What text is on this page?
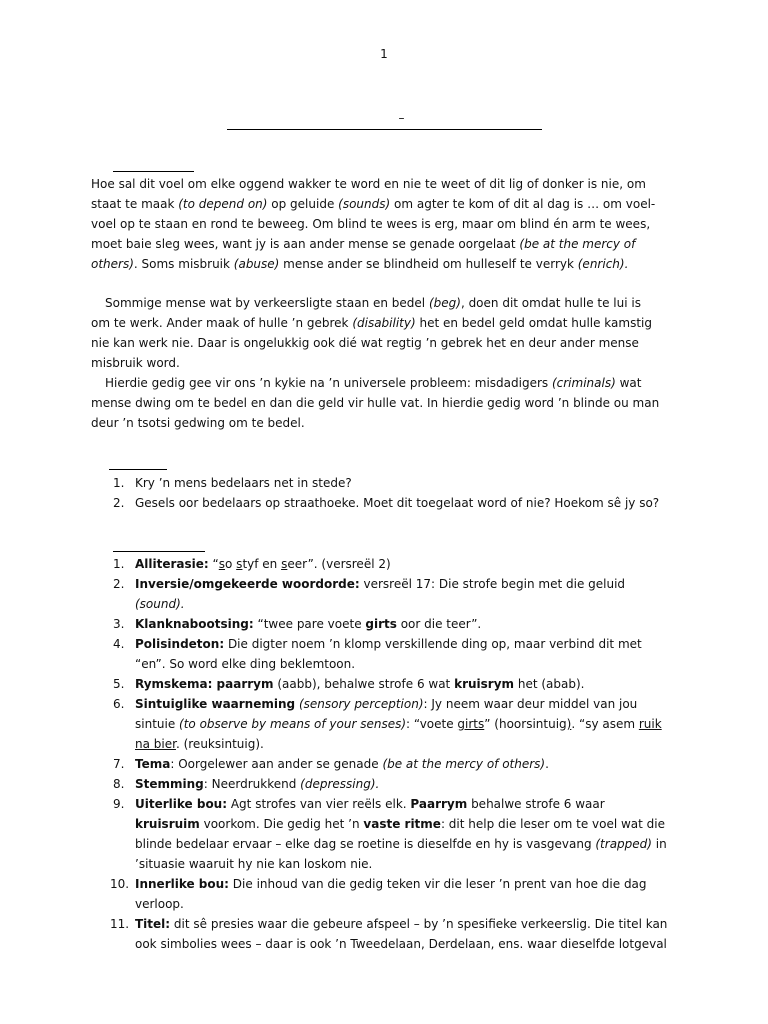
1
–

Hoe sal dit voel om elke oggend wakker te word en nie te weet of dit lig of donker is nie, om staat te maak (to depend on) op geluide (sounds) om agter te kom of dit al dag is … om voel-voel op te staan en rond te beweeg. Om blind te wees is erg, maar om blind én arm te wees, moet baie sleg wees, want jy is aan ander mense se genade oorgelaat (be at the mercy of others). Soms misbruik (abuse) mense ander se blindheid om hulleself te verryk (enrich).

Sommige mense wat by verkeersligte staan en bedel (beg), doen dit omdat hulle te lui is om te werk. Ander maak of hulle ’n gebrek (disability) het en bedel geld omdat hulle kamstig nie kan werk nie. Daar is ongelukkig ook dié wat regtig ’n gebrek het en deur ander mense misbruik word.

Hierdie gedig gee vir ons ’n kykie na ’n universele probleem: misdadigers (criminals) wat mense dwing om te bedel en dan die geld vir hulle vat. In hierdie gedig word ’n blinde ou man deur ’n tsotsi gedwing om te bedel.

1. Kry ’n mens bedelaars net in stede?
2. Gesels oor bedelaars op straathoeke. Moet dit toegelaat word of nie? Hoekom sê jy so?
1. Alliterasie: “so styf en seer”. (versreël 2)
2. Inversie/omgekeerde woordorde: versreël 17: Die strofe begin met die geluid (sound).
3. Klanknabootsing: “twee pare voete girts oor die teer”.
4. Polisindeton: Die digter noem ’n klomp verskillende ding op, maar verbind dit met “en”. So word elke ding beklemtoon.
5. Rymskema: paarrym (aabb), behalwe strofe 6 wat kruisrym het (abab).
6. Sintuiglike waarneming (sensory perception): Jy neem waar deur middel van jou sintuie (to observe by means of your senses): “voete girts” (hoorsintuig). “sy asem ruik na bier. (reuksintuig).
7. Tema: Oorgelewer aan ander se genade (be at the mercy of others).
8. Stemming: Neerdrukkend (depressing).
9. Uiterlike bou: Agt strofes van vier reëls elk. Paarrym behalwe strofe 6 waar kruisruim voorkom. Die gedig het ’n vaste ritme: dit help die leser om te voel wat die blinde bedelaar ervaar – elke dag se roetine is dieselfde en hy is vasgevang (trapped) in ’situasie waaruit hy nie kan loskom nie.
10. Innerlike bou: Die inhoud van die gedig teken vir die leser ’n prent van hoe die dag verloop.
11. Titel: dit sê presies waar die gebeure afspeel – by ’n spesifieke verkeerslig. Die titel kan ook simbolies wees – daar is ook ’n Tweedelaan, Derdelaan, ens. waar dieselfde lotgeval
